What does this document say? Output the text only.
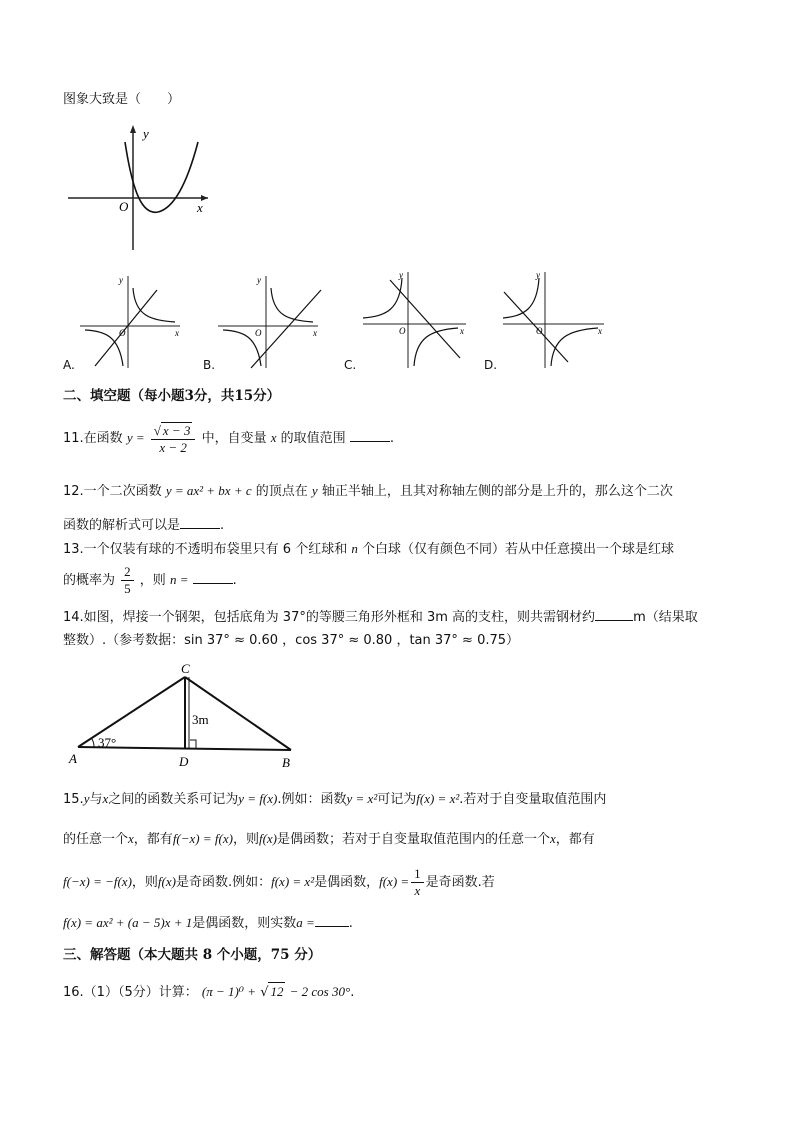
图象大致是（　　）
y
x
O
y
x
O
A.
y
x
O
B.
y
x
O
C.
y
x
O
D.
二、填空题（每小题3分，共15分）
11.在函数 $y = \frac{√ x - 3}{x - 2}$ 中，自变量 x 的取值范围	.
12.一个二次函数 y = ax² + bx + c 的顶点在 y 轴正半轴上，且其对称轴左侧的部分是上升的，那么这个二次
函数的解析式可以是	.
13.一个仅装有球的不透明布袋里只有 6 个红球和 n 个白球（仅有颜色不同）若从中任意摸出一个球是红球
的概率为 $\frac{2}{5}$ ，则 n =	.
14.如图，焊接一个钢架，包括底角为 37°的等腰三角形外框和 3m 高的支柱，则共需钢材约	m（结果取
整数）.（参考数据：sin 37° ≈ 0.60 ，cos 37° ≈ 0.80 ，tan 37° ≈ 0.75）
C
A	B
D
3m
37°
15.y与x之间的函数关系可记为y = f(x).例如：函数y = x²可记为f(x) = x².若对于自变量取值范围内
的任意一个x，都有f(−x) = f(x)，则f(x)是偶函数；若对于自变量取值范围内的任意一个x，都有
f(−x) = −f(x)，则f(x)是奇函数.例如：f(x) = x²是偶函数，$f(x) = \frac{1}{x}$ 是奇函数.若
f(x) = ax² + (a − 5)x + 1是偶函数，则实数a =	.
三、解答题（本大题共 8 个小题，75 分）
16.（1）（5分）计算： (π − 1)⁰ + √ 12 − 2 cos 30°.
